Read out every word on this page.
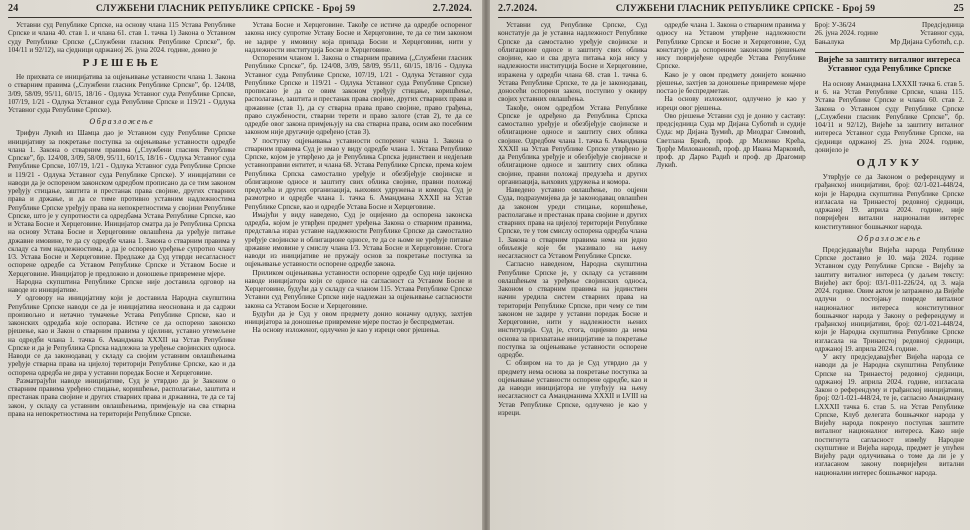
24	СЛУЖБЕНИ ГЛАСНИК РЕПУБЛИКЕ СРПСКЕ - Број 59	2.7.2024.

Уставни суд Републике Српске, на основу члана 115 Устава Републике Српске и члана 40. став 1. и члана 61. став 1. тачка 1) Закона о Уставном суду Републике Српске („Службени гласник Републике Српске”, бр. 104/11 и 92/12), на сједници одржаној 26. јуна 2024. године, донио је

РЈЕШЕЊЕ

Не прихвата се иницијатива за оцјењивање уставности члана 1. Закона о стварним правима („Службени гласник Републике Српске”, бр. 124/08, 3/09, 58/09, 95/11, 60/15, 18/16 - Одлука Уставног суда Републике Српске, 107/19, 1/21 - Одлука Уставног суда Републике Српске и 119/21 - Одлука Уставног суда Републике Српске).

Образложење

Трифун Лукић из Шамца дао је Уставном суду Републике Српске иницијативу за покретање поступка за оцјењивање уставности одредбе члана 1. Закона о стварним правима („Службени гласник Републике Српске”, бр. 124/08, 3/09, 58/09, 95/11, 60/15, 18/16 - Одлука Уставног суда Републике Српске, 107/19, 1/21 - Одлука Уставног суда Републике Српске и 119/21 - Одлука Уставног суда Републике Српске). У иницијативи се наводи да је оспореном законском одредбом прописано да се тим законом уређују стицање, заштита и престанак права својине, других стварних права и држање, и да се тиме противно уставним надлежностима Републике Српске уређују права на непокретностима у својини Републике Српске, што је у супротности са одредбама Устава Републике Српске, као и Устава Босне и Херцеговине. Иницијатор сматра да је Република Српска на основу Устава Босне и Херцеговине овлашћена да уређује питање државне имовине, те да су одредбе члана 1. Закона о стварним правима у складу са тим надлежностима, а да је оспорено уређење супротно члану I/3. Устава Босне и Херцеговине. Предлаже да Суд утврди несагласност оспорене одредбе са Уставом Републике Српске и Уставом Босне и Херцеговине. Иницијатор је предложио и доношење привремене мјере.

Народна скупштина Републике Српске није доставила одговор на наводе из иницијативе.

У одговору на иницијативу који је доставила Народна скупштина Републике Српске наводи се да је иницијатива неоснована и да садржи произвољно и нетачно тумачење Устава Републике Српске, као и законских одредаба које оспорава. Истиче се да оспорено законско рјешење, као и Закон о стварним правима у цјелини, уставно утемељене на одредби члана 1. тачка 6. Амандмана XXXII на Устав Републике Српске и да је Република Српска надлежна за уређење својинских односа. Наводи се да законодавац у складу са својим уставним овлашћењима уређује стварна права на цијелој територији Републике Српске, као и да оспорена одредба не дира у уставни поредак Босне и Херцеговине.

Разматрајући наводе иницијативе, Суд је утврдио да је Законом о стварним правима уређено стицање, коришћење, располагање, заштита и престанак права својине и других стварних права и државина, те да се тај закон, у складу са уставним овлашћењима, примјењује на сва стварна права на непокретностима на територији Републике Српске.

Устава Босне и Херцеговине. Такође се истиче да одредбе оспореног закона нису супротне Уставу Босне и Херцеговине, те да се тим законом не задире у имовину која припада Босни и Херцеговини, нити у надлежности институција Босне и Херцеговине.

Оспореним чланом 1. Закона о стварним правима („Службени гласник Републике Српске”, бр. 124/08, 3/09, 58/09, 95/11, 60/15, 18/16 - Одлука Уставног суда Републике Српске, 107/19, 1/21 - Одлука Уставног суда Републике Српске и 119/21 - Одлука Уставног суда Републике Српске) прописано је да се овим законом уређују стицање, коришћење, располагање, заштита и престанак права својине, других стварних права и државине (став 1), да су стварна права право својине, право грађења, право службености, стварни терети и право залоге (став 2), те да се одредбе овог закона примјењују на сва стварна права, осим ако посебним законом није другачије одређено (став 3).

У поступку оцјењивања уставности оспореног члана 1. Закона о стварним правима Суд је имао у виду одредбе члана 1. Устава Републике Српске, којом је утврђено да је Република Српска јединствен и недјељив уставноправни ентитет, и члана 68. Устава Републике Српске, према којем Република Српска самостално уређује и обезбјеђује својинске и облигационе односе и заштиту свих облика својине, правни положај предузећа и других организација, њихових удружења и комора. Суд је размотрио и одредбе члана 1. тачка 6. Амандмана XXXII на Устав Републике Српске, као и одредбе Устава Босне и Херцеговине.

Имајући у виду наведено, Суд је оцијенио да оспорена законска одредба, којом је утврђен предмет уређења Закона о стварним правима, представља израз уставне надлежности Републике Српске да самостално уређује својинске и облигационе односе, те да се њоме не уређује питање државне имовине у смислу члана I/3. Устава Босне и Херцеговине. Стога наводи из иницијативе не пружају основ за покретање поступка за оцјењивање уставности оспорене одредбе закона.

Приликом оцјењивања уставности оспорене одредбе Суд није цијенио наводе иницијатора који се односе на сагласност са Уставом Босне и Херцеговине, будући да у складу са чланом 115. Устава Републике Српске Уставни суд Републике Српске није надлежан за оцјењивање сагласности закона са Уставом Босне и Херцеговине.

Будући да је Суд у овом предмету донио коначну одлуку, захтјев иницијатора за доношење привремене мјере постао је беспредметан.

На основу изложеног, одлучено је као у изреци овог рјешења.

2.7.2024.	СЛУЖБЕНИ ГЛАСНИК РЕПУБЛИКЕ СРПСКЕ - Број 59	25

Уставни суд Републике Српске, Суд констатује да је уставна надлежност Републике Српске да самостално уређује својинске и облигационе односе и заштиту свих облика својине, као и сва друга питања која нису у надлежности институција Босне и Херцеговине, изражена у одредби члана 68. став 1. тачка 6. Устава Републике Српске, те да је законодавац, доносећи оспорени закон, поступио у оквиру својих уставних овлашћења.

Такође, оном одредбом Устава Републике Српске је одређено да Република Српска самостално уређује и обезбјеђује својинске и облигационе односе и заштиту свих облика својине. Одредбом члана 1. тачка 6. Амандмана XXXII на Устав Републике Српске утврђено је да Република уређује и обезбјеђује својинске и облигационе односе и заштиту свих облика својине, правни положај предузећа и других организација, њихових удружења и комора.

Наведено уставно овлашћење, по оцјени Суда, подразумијева да је законодавац овлашћен да законом уреди стицање, коришћење, располагање и престанак права својине и других стварних права на цијелој територији Републике Српске, те у том смислу оспорена одредба члана 1. Закона о стварним правима нема ни једно обиљежје које би указивало на њену несагласност са Уставом Републике Српске.

Сагласно наведеном, Народна скупштина Републике Српске је, у складу са уставним овлашћењем за уређење својинских односа, Законом о стварним правима на јединствен начин уредила систем стварних права на територији Републике Српске, при чему се тим законом не задире у уставни поредак Босне и Херцеговине, нити у надлежности њених институција. Суд је, стога, оцијенио да нема основа за прихватање иницијативе за покретање поступка за оцјењивање уставности оспорене одредбе.

С обзиром на то да је Суд утврдио да у предмету нема основа за покретање поступка за оцјењивање уставности оспорене одредбе, као и да наводи иницијатора не упућују на њену несагласност са Амандманима XXXII и LVIII на Устав Републике Српске, одлучено је као у изреци.

одредбе члана 1. Закона о стварним правима у односу на Уставом утврђене надлежности Републике Српске и Босне и Херцеговине, Суд констатује да оспореним законским рјешењем нису повријеђене одредбе Устава Републике Српске.

Како је у овом предмету донијето коначно рјешење, захтјев за доношење привремене мјере постао је беспредметан.

На основу изложеног, одлучено је као у изреци овог рјешења.

Ово рјешење Уставни суд је донио у саставу: предсједница Суда мр Дијана Суботић и судије Суда: мр Дијана Ђумић, др Миодраг Симовић, Светлана Бркић, проф. др Миленко Крећа, Ђорђе Миловановић, проф. др Ивана Марковић, проф. др Дарко Радић и проф. др Драгомир Лукић.

Број: У-36/24	Предсједница
26. јуна 2024. године	Уставног суда,
Бањалука	Мр Дијана Суботић, с.р.
Вијеће за заштиту виталног интереса Уставног суда Републике Српске

На основу Амандмана LXXXII тачка 6. став 5. и 6. на Устав Републике Српске, члана 115. Устава Републике Српске и члана 60. став 2. Закона о Уставном суду Републике Српске („Службени гласник Републике Српске”, бр. 104/11 и 92/12), Вијеће за заштиту виталног интереса Уставног суда Републике Српске, на сједници одржаној 25. јуна 2024. године, донијело је

ОДЛУКУ

Утврђује се да Законом о референдуму и грађанској иницијативи, број: 02/1-021-448/24, који је Народна скупштина Републике Српске изгласала на Тринаестој редовној сједници, одржаној 19. априла 2024. године, није повријеђен витални национални интерес конститутивног бошњачког народа.

Образложење

Предсједавајући Вијећа народа Републике Српске доставио је 10. маја 2024. године Уставном суду Републике Српске - Вијећу за заштиту виталног интереса (у даљем тексту: Вијеће) акт број: 03/1-011-226/24, од 3. маја 2024. године. Овим актом је затражено да Вијеће одлучи о постојању повреде виталног националног интереса конститутивног бошњачког народа у Закону о референдуму и грађанској иницијативи, број: 02/1-021-448/24, који је Народна скупштина Републике Српске изгласала на Тринаестој редовној сједници, одржаној 19. априла 2024. године.

У акту предсједавајућег Вијећа народа се наводи да је Народна скупштина Републике Српске на Тринаестој редовној сједници, одржаној 19. априла 2024. године, изгласала Закон о референдуму и грађанској иницијативи, број: 02/1-021-448/24, те је, сагласно Амандману LXXXII тачка 6. став 5. на Устав Републике Српске, Клуб делегата бошњачког народа у Вијећу народа покренуо поступак заштите виталног националног интереса. Како није постигнута сагласност између Народне скупштине и Вијећа народа, предмет је упућен Вијећу ради одлучивања о томе да ли је у изгласаном закону повријеђен витални национални интерес бошњачког народа.
